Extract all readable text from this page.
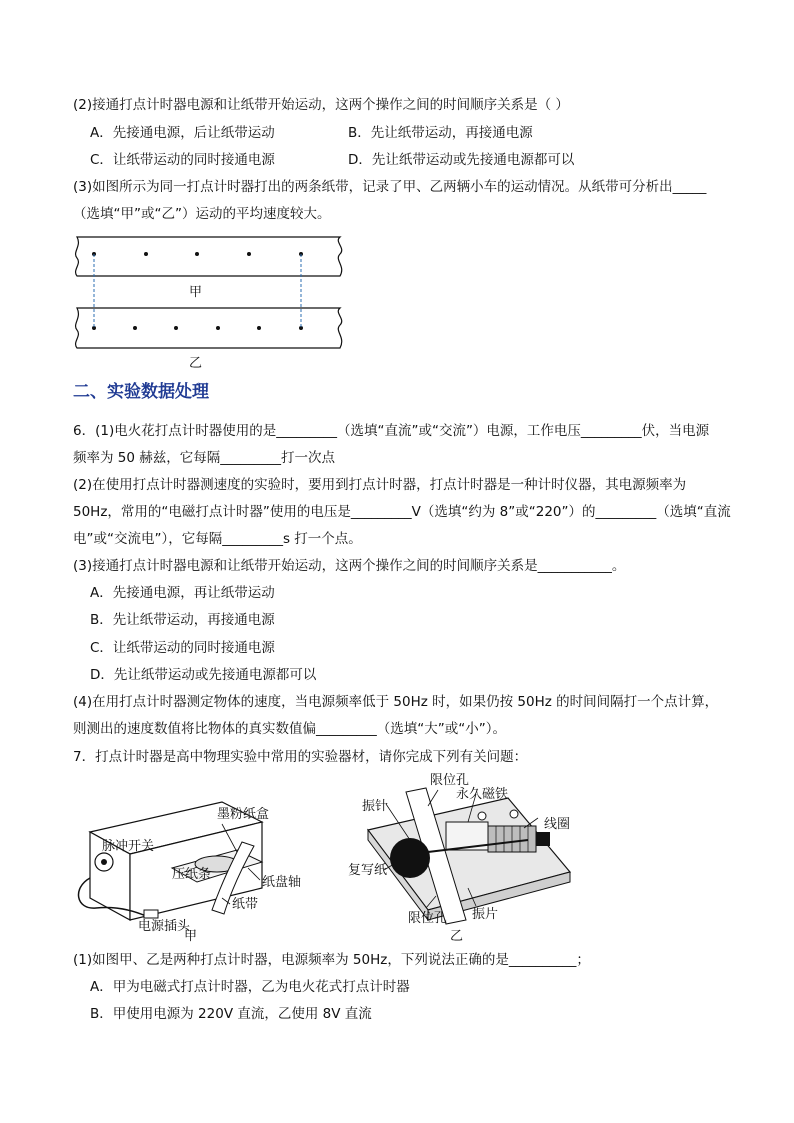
(2)接通打点计时器电源和让纸带开始运动，这两个操作之间的时间顺序关系是（ ）
A．先接通电源，后让纸带运动	B．先让纸带运动，再接通电源
C．让纸带运动的同时接通电源	D．先让纸带运动或先接通电源都可以
(3)如图所示为同一打点计时器打出的两条纸带，记录了甲、乙两辆小车的运动情况。从纸带可分析出_____
（选填“甲”或“乙”）运动的平均速度较大。
甲
乙
二、实验数据处理
6．(1)电火花打点计时器使用的是_________（选填“直流”或“交流”）电源，工作电压_________伏，当电源
频率为 50 赫兹，它每隔_________打一次点
(2)在使用打点计时器测速度的实验时，要用到打点计时器，打点计时器是一种计时仪器，其电源频率为
50Hz，常用的“电磁打点计时器”使用的电压是_________V（选填“约为 8”或“220”）的_________（选填“直流
电”或“交流电”），它每隔_________s 打一个点。
(3)接通打点计时器电源和让纸带开始运动，这两个操作之间的时间顺序关系是___________。
A．先接通电源，再让纸带运动
B．先让纸带运动，再接通电源
C．让纸带运动的同时接通电源
D．先让纸带运动或先接通电源都可以
(4)在用打点计时器测定物体的速度，当电源频率低于 50Hz 时，如果仍按 50Hz 的时间间隔打一个点计算，
则测出的速度数值将比物体的真实数值偏_________（选填“大”或“小”）。
7．打点计时器是高中物理实验中常用的实验器材，请你完成下列有关问题：
墨粉纸盒
脉冲开关
压纸条
纸盘轴
纸带
电源插头
甲
限位孔
振针
永久磁铁
线圈
复写纸
限位孔 振片
乙
(1)如图甲、乙是两种打点计时器，电源频率为 50Hz，下列说法正确的是__________；
A．甲为电磁式打点计时器，乙为电火花式打点计时器
B．甲使用电源为 220V 直流，乙使用 8V 直流
